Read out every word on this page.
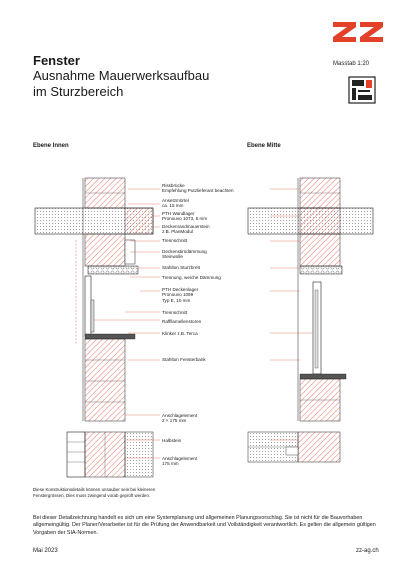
Fenster
Ausnahme Mauerwerksaufbau
im Sturzbereich
Masstab 1:20
Ebene Innen	Ebene Mitte
Rissbrücke
Empfehlung Putzlieferant beachten
Ansetzmörtel
ca. 15 mm
PTH Wandlager
Pronouvo 1073, 5 mm
Deckenrandmauerstein
z.B. PlanModul
Trennschnitt
Deckenstirndämmung
Steinwolle
Stahlton Sturzbrett
Trennung, weiche Dämmung
PTH Deckenlager
Pronouvo 1099
Typ E, 10 mm
Trennschnitt
Raffllamellenstoren
Klinker z.B. Terca
Stahlton Fensterbank
Anschlagelement
2 × 175 mm
Halbstein
Anschlagelement
175 mm
Diese Konstruktionsdetails können unsauber sein bei kleineren Fenstergrössen. Dies muss zwingend vorab geprüft werden.
Bei dieser Detailzeichnung handelt es sich um eine Systemplanung und allgemeinen Planungsvorschlag. Sie ist nicht für die Bauvorhaben allgemeingültig. Der Planer/Verarbeiter ist für die Prüfung der Anwendbarkeit und Vollständigkeit verantwortlich. Es gelten die allgemein gültigen Vorgaben der SIA-Normen.
Mai 2023	zz-ag.ch
